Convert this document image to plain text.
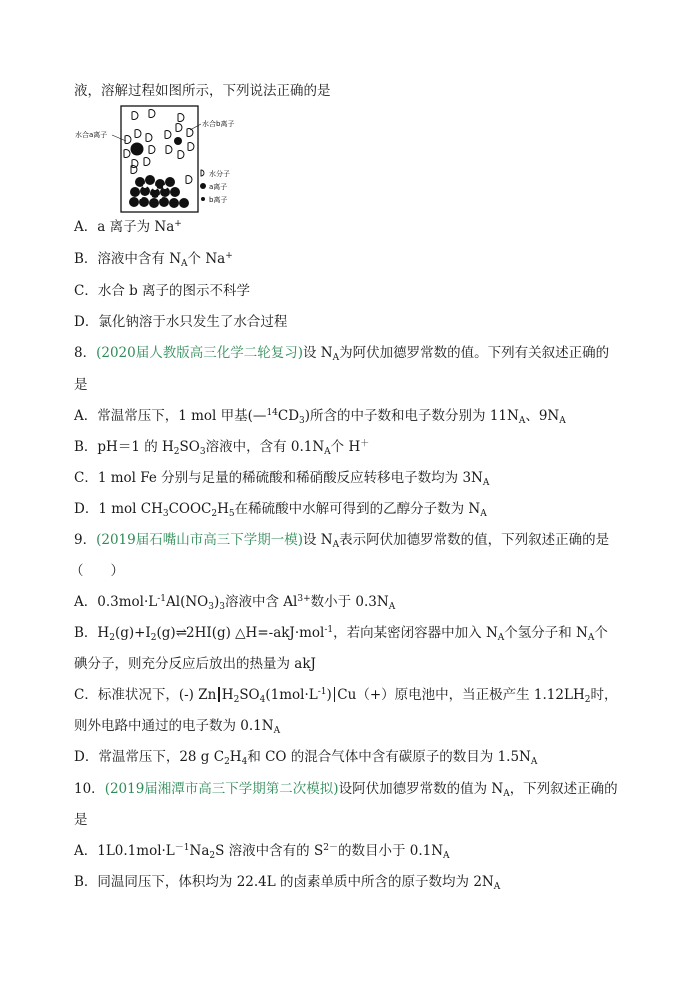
液，溶解过程如图所示，下列说法正确的是
水合a离子
水合b离子
水分子
a离子
b离子
A．a 离子为 Na+
B．溶液中含有 $N_A$个 Na+
C．水合 b 离子的图示不科学
D．氯化钠溶于水只发生了水合过程
8．(2020届人教版高三化学二轮复习)设 $N_A$为阿伏加德罗常数的值。下列有关叙述正确的
是
A．常温常压下，1 mol 甲基$(—^{14}CD_3)$所含的中子数和电子数分别为 $11N_A$、$9N_A$
B．pH＝1 的 $H_2SO_3$溶液中，含有 $0.1N_A$个 H＋
C．1 mol Fe 分别与足量的稀硫酸和稀硝酸反应转移电子数均为 $3N_A$
D．1 mol $CH_3COOC_2H_5$在稀硫酸中水解可得到的乙醇分子数为 $N_A$
9．(2019届石嘴山市高三下学期一模)设 $N_A$表示阿伏加德罗常数的值，下列叙述正确的是
（　　）
A．$0.3mol\cdot L^{-1}Al(NO_3)_3$溶液中含 $Al^{3+}$数小于 $0.3N_A$
B．$H_2(g)+I_2(g)\rightleftharpoons 2HI(g)$ △H=-akJ·mol$^{-1}$，若向某密闭容器中加入 $N_A$个氢分子和 $N_A$个
碘分子，则充分反应后放出的热量为 akJ
C．标准状况下，(-) Zn $H_2SO_4(1mol\cdot L^{-1})$ Cu（+）原电池中，当正极产生 $1.12LH_2$时，
则外电路中通过的电子数为 $0.1N_A$
D．常温常压下，28 g $C_2H_4$和 CO 的混合气体中含有碳原子的数目为 $1.5N_A$
10．(2019届湘潭市高三下学期第二次模拟)设阿伏加德罗常数的值为 $N_A$，下列叙述正确的
是
A．$1L0.1mol\cdot L^{-1}Na_2S$ 溶液中含有的 $S^{2-}$的数目小于 $0.1N_A$
B．同温同压下，体积均为 22.4L 的卤素单质中所含的原子数均为 $2N_A$
